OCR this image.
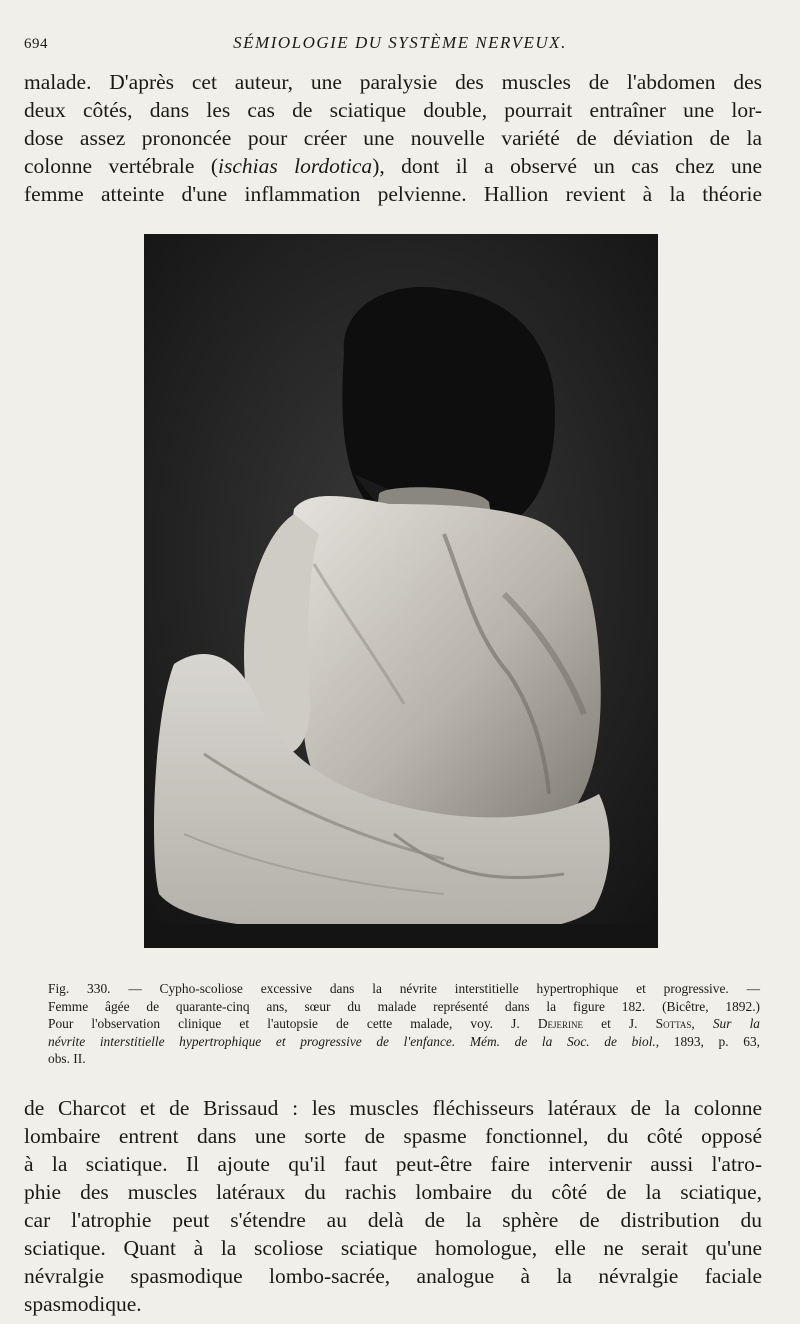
694	SÉMIOLOGIE DU SYSTÈME NERVEUX.
malade. D'après cet auteur, une paralysie des muscles de l'abdomen des
deux côtés, dans les cas de sciatique double, pourrait entraîner une lor-
dose assez prononcée pour créer une nouvelle variété de déviation de la
colonne vertébrale (ischias lordotica), dont il a observé un cas chez une
femme atteinte d'une inflammation pelvienne. Hallion revient à la théorie
Fig. 330. — Cypho-scoliose excessive dans la névrite interstitielle hypertrophique et progressive. —
Femme âgée de quarante-cinq ans, sœur du malade représenté dans la figure 182. (Bicêtre, 1892.)
Pour l'observation clinique et l'autopsie de cette malade, voy. J. Dejerine et J. Sottas, Sur la
névrite interstitielle hypertrophique et progressive de l'enfance. Mém. de la Soc. de biol., 1893, p. 63,
obs. II.
de Charcot et de Brissaud : les muscles fléchisseurs latéraux de la colonne
lombaire entrent dans une sorte de spasme fonctionnel, du côté opposé
à la sciatique. Il ajoute qu'il faut peut-être faire intervenir aussi l'atro-
phie des muscles latéraux du rachis lombaire du côté de la sciatique,
car l'atrophie peut s'étendre au delà de la sphère de distribution du
sciatique. Quant à la scoliose sciatique homologue, elle ne serait qu'une
névralgie spasmodique lombo-sacrée, analogue à la névralgie faciale
spasmodique.
